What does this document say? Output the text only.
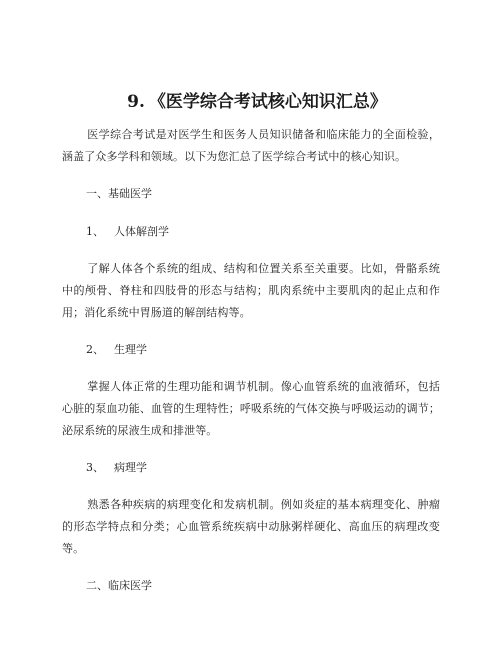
9. 《医学综合考试核心知识汇总》

医学综合考试是对医学生和医务人员知识储备和临床能力的全面检验，涵盖了众多学科和领域。以下为您汇总了医学综合考试中的核心知识。

一、基础医学

1、 人体解剖学

了解人体各个系统的组成、结构和位置关系至关重要。比如，骨骼系统中的颅骨、脊柱和四肢骨的形态与结构；肌肉系统中主要肌肉的起止点和作用；消化系统中胃肠道的解剖结构等。

2、 生理学

掌握人体正常的生理功能和调节机制。像心血管系统的血液循环，包括心脏的泵血功能、血管的生理特性；呼吸系统的气体交换与呼吸运动的调节；泌尿系统的尿液生成和排泄等。

3、 病理学

熟悉各种疾病的病理变化和发病机制。例如炎症的基本病理变化、肿瘤的形态学特点和分类；心血管系统疾病中动脉粥样硬化、高血压的病理改变等。

二、临床医学
